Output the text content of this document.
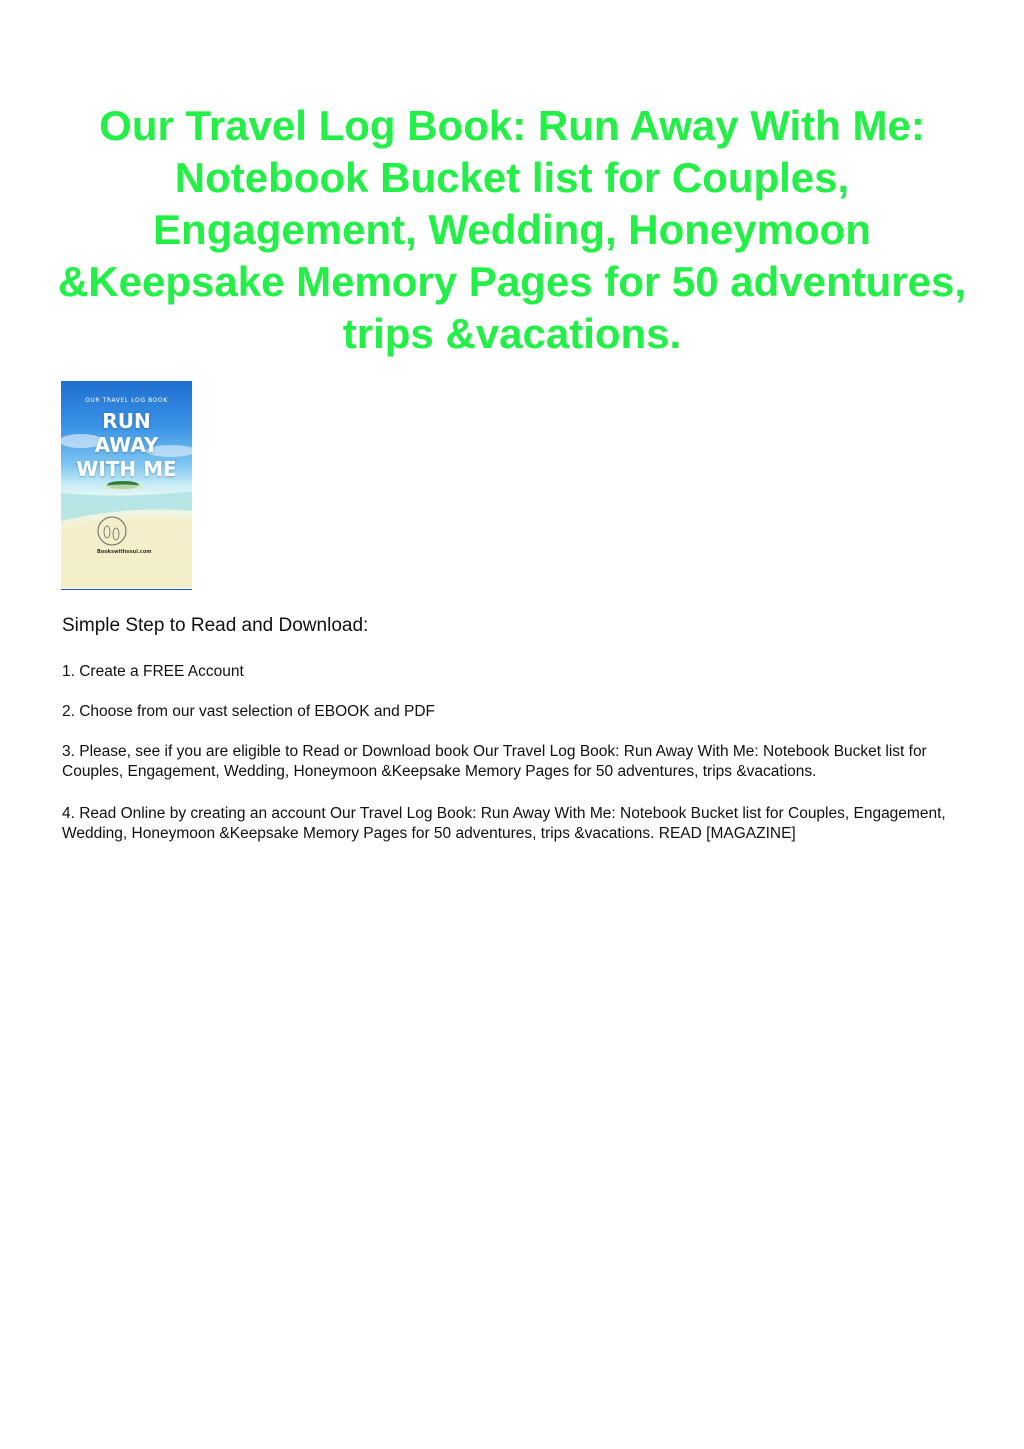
Our Travel Log Book: Run Away With Me: Notebook Bucket list for Couples, Engagement, Wedding, Honeymoon &Keepsake Memory Pages for 50 adventures, trips &vacations.
OUR TRAVEL LOG BOOK
RUN
AWAY
WITH ME
Bookswithsoul.com
Simple Step to Read and Download:

1. Create a FREE Account

2. Choose from our vast selection of EBOOK and PDF

3. Please, see if you are eligible to Read or Download book Our Travel Log Book: Run Away With Me: Notebook Bucket list for Couples, Engagement, Wedding, Honeymoon &Keepsake Memory Pages for 50 adventures, trips &vacations.

4. Read Online by creating an account Our Travel Log Book: Run Away With Me: Notebook Bucket list for Couples, Engagement, Wedding, Honeymoon &Keepsake Memory Pages for 50 adventures, trips &vacations. READ [MAGAZINE]
